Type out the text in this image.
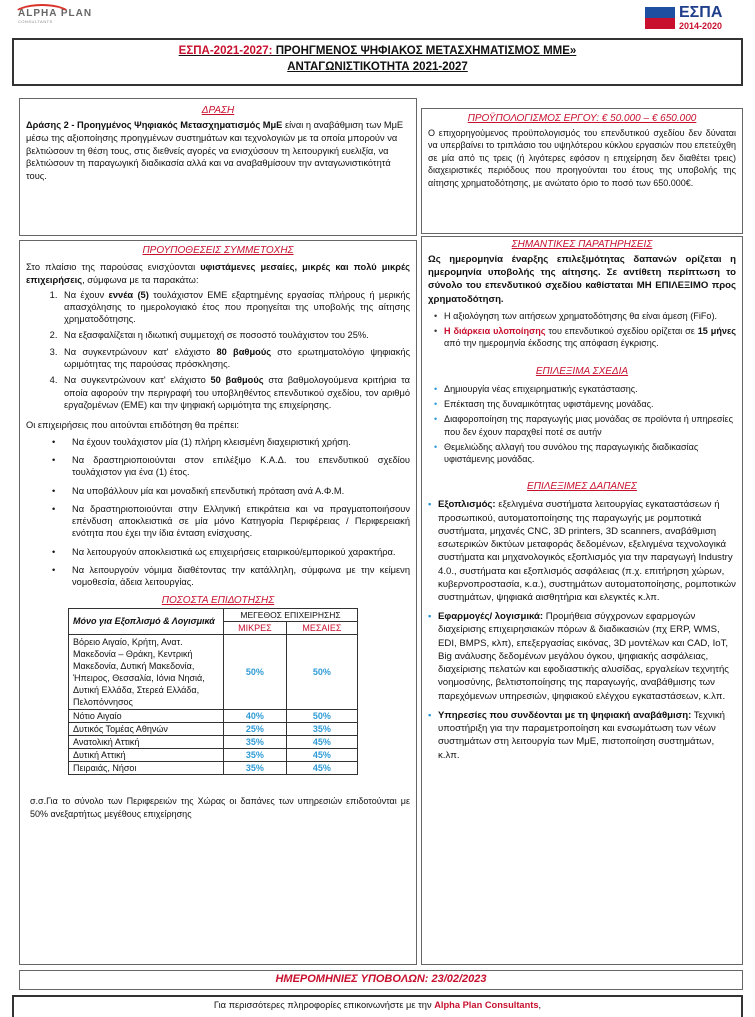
ALPHA PLAN
CONSULTANTS
ΕΣΠΑ
2014-2020
ΕΣΠΑ-2021-2027: ΠΡΟΗΓΜΕΝΟΣ ΨΗΦΙΑΚΟΣ ΜΕΤΑΣΧΗΜΑΤΙΣΜΟΣ ΜΜΕ»
ΑΝΤΑΓΩΝΙΣΤΙΚΟΤΗΤΑ 2021-2027
ΔΡΑΣΗ
Δράσης 2 - Προηγμένος Ψηφιακός Μετασχηματισμός ΜμΕ είναι η αναβάθμιση των ΜμΕ μέσω της αξιοποίησης προηγμένων συστημάτων και τεχνολογιών με τα οποία μπορούν να βελτιώσουν τη θέση τους, στις διεθνείς αγορές να ενισχύσουν τη λειτουργική ευελιξία, να βελτιώσουν τη παραγωγική διαδικασία αλλά και να αναβαθμίσουν την ανταγωνιστικότητά τους.
ΠΡΟΫΠΟΛΟΓΙΣΜΟΣ ΕΡΓΟΥ: € 50.000 – € 650.000
Ο επιχορηγούμενος προϋπολογισμός του επενδυτικού σχεδίου δεν δύναται να υπερβαίνει το τριπλάσιο του υψηλότερου κύκλου εργασιών που επετεύχθη σε μία από τις τρεις (ή λιγότερες εφόσον η επιχείρηση δεν διαθέτει τρεις) διαχειριστικές περιόδους που προηγούνται του έτους της υποβολής της αίτησης χρηματοδότησης, με ανώτατο όριο το ποσό των 650.000€.
ΠΡΟΥΠΟΘΕΣΕΙΣ ΣΥΜΜΕΤΟΧΗΣ
Στο πλαίσιο της παρούσας ενισχύονται υφιστάμενες μεσαίες, μικρές και πολύ μικρές επιχειρήσεις, σύμφωνα με τα παρακάτω:
1. Να έχουν εννέα (5) τουλάχιστον ΕΜΕ εξαρτημένης εργασίας πλήρους ή μερικής απασχόλησης το ημερολογιακό έτος που προηγείται της υποβολής της αίτησης χρηματοδότησης.
2. Να εξασφαλίζεται η ιδιωτική συμμετοχή σε ποσοστό τουλάχιστον του 25%.
3. Να συγκεντρώνουν κατ' ελάχιστο 80 βαθμούς στο ερωτηματολόγιο ψηφιακής ωριμότητας της παρούσας πρόσκλησης.
4. Να συγκεντρώνουν κατ' ελάχιστο 50 βαθμούς στα βαθμολογούμενα κριτήρια τα οποία αφορούν την περιγραφή του υποβληθέντος επενδυτικού σχεδίου, τον αριθμό εργαζομένων (ΕΜΕ) και την ψηφιακή ωριμότητα της επιχείρησης.
Οι επιχειρήσεις που αιτούνται επιδότηση θα πρέπει:
• Να έχουν τουλάχιστον μία (1) πλήρη κλεισμένη διαχειριστική χρήση.
• Να δραστηριοποιούνται στον επιλέξιμο Κ.Α.Δ. του επενδυτικού σχεδίου τουλάχιστον για ένα (1) έτος.
• Να υποβάλλουν μία και μοναδική επενδυτική πρόταση ανά Α.Φ.Μ.
• Να δραστηριοποιούνται στην Ελληνική επικράτεια και να πραγματοποιήσουν επένδυση αποκλειστικά σε μία μόνο Κατηγορία Περιφέρειας / Περιφερειακή ενότητα που έχει την ίδια ένταση ενίσχυσης.
• Να λειτουργούν αποκλειστικά ως επιχειρήσεις εταιρικού/εμπορικού χαρακτήρα.
• Να λειτουργούν νόμιμα διαθέτοντας την κατάλληλη, σύμφωνα με την κείμενη νομοθεσία, άδεια λειτουργίας.
ΠΟΣΟΣΤΑ ΕΠΙΔΟΤΗΣΗΣ
Μόνο για Εξοπλισμό & Λογισμικά	ΜΕΓΕΘΟΣ ΕΠΙΧΕΙΡΗΣΗΣ	
	ΜΙΚΡΕΣ	ΜΕΣΑΙΕΣ
Βόρειο Αιγαίο, Κρήτη, Ανατ. Μακεδονία – Θράκη, Κεντρική Μακεδονία, Δυτική Μακεδονία, Ήπειρος, Θεσσαλία, Ιόνια Νησιά, Δυτική Ελλάδα, Στερεά Ελλάδα, Πελοπόννησος	50%	50%
Νότιο Αιγαίο	40%	50%
Δυτικός Τομέας Αθηνών	25%	35%
Ανατολική Αττική	35%	45%
Δυτική Αττική	35%	45%
Πειραιάς, Νήσοι	35%	45%
σ.σ.Για το σύνολο των Περιφερειών της Χώρας οι δαπάνες των υπηρεσιών επιδοτούνται με 50% ανεξαρτήτως μεγέθους επιχείρησης
ΣΗΜΑΝΤΙΚΕΣ ΠΑΡΑΤΗΡΗΣΕΙΣ
Ως ημερομηνία έναρξης επιλεξιμότητας δαπανών ορίζεται η ημερομηνία υποβολής της αίτησης. Σε αντίθετη περίπτωση το σύνολο του επενδυτικού σχεδίου καθίσταται ΜΗ ΕΠΙΛΕΞΙΜΟ προς χρηματοδότηση.
• Η αξιολόγηση των αιτήσεων χρηματοδότησης θα είναι άμεση (FiFo).
• Η διάρκεια υλοποίησης του επενδυτικού σχεδίου ορίζεται σε 15 μήνες από την ημερομηνία έκδοσης της απόφαση έγκρισης.
ΕΠΙΛΕΞΙΜΑ ΣΧΕΔΙΑ
• Δημιουργία νέας επιχειρηματικής εγκατάστασης.
• Επέκταση της δυναμικότητας υφιστάμενης μονάδας.
• Διαφοροποίηση της παραγωγής μιας μονάδας σε προϊόντα ή υπηρεσίες που δεν έχουν παραχθεί ποτέ σε αυτήν
• Θεμελιώδης αλλαγή του συνόλου της παραγωγικής διαδικασίας υφιστάμενης μονάδας.
ΕΠΙΛΕΞΙΜΕΣ ΔΑΠΑΝΕΣ
• Εξοπλισμός: εξελιγμένα συστήματα λειτουργίας εγκαταστάσεων ή προσωπικού, αυτοματοποίησης της παραγωγής με ρομποτικά συστήματα, μηχανές CNC, 3D printers, 3D scanners, αναβάθμιση εσωτερικών δικτύων μεταφοράς δεδομένων, εξελιγμένα τεχνολογικά συστήματα και μηχανολογικός εξοπλισμός για την παραγωγή Industry 4.0., συστήματα και εξοπλισμός ασφάλειας (π.χ. επιτήρηση χώρων, κυβερνοπροστασία, κ.α.), συστημάτων αυτοματοποίησης, ρομποτικών συστημάτων, ψηφιακά αισθητήρια και ελεγκτές κ.λπ.
• Εφαρμογές/ λογισμικά: Προμήθεια σύγχρονων εφαρμογών διαχείρισης επιχειρησιακών πόρων & διαδικασιών (πχ ERP, WMS, EDI, BMPS, κλπ), επεξεργασίας εικόνας, 3D μοντέλων και CAD, IoT, Big ανάλυσης δεδομένων μεγάλου όγκου, ψηφιακής ασφάλειας, διαχείρισης πελατών και εφοδιαστικής αλυσίδας, εργαλείων τεχνητής νοημοσύνης, βελτιστοποίησης της παραγωγής, αναβάθμισης των παρεχόμενων υπηρεσιών, ψηφιακού ελέγχου εγκαταστάσεων, κ.λπ.
• Υπηρεσίες που συνδέονται με τη ψηφιακή αναβάθμιση: Τεχνική υποστήριξη για την παραμετροποίηση και ενσωμάτωση των νέων συστημάτων στη λειτουργία των ΜμΕ, πιστοποίηση συστημάτων, κ.λπ.
ΗΜΕΡΟΜΗΝΙΕΣ ΥΠΟΒΟΛΩΝ: 23/02/2023
Για περισσότερες πληροφορίες επικοινωνήστε με την Alpha Plan Consultants,
